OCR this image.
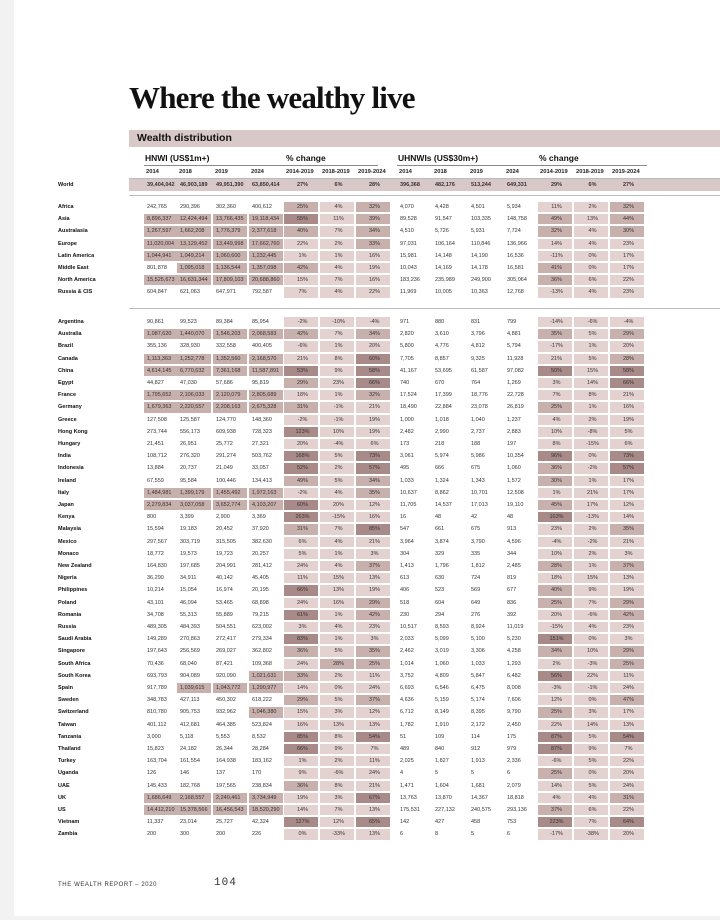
Where the wealthy live
Wealth distribution
HNWI (US$1m+)	% change	UHNWIs (US$30m+)	% change
2014	2018	2019	2024	2014-2019 2018-2019 2019-2024 2014	2018	2019	2024	2014-2019 2018-2019 2019-2024
World	39,404,042 46,903,189	49,951,390	63,850,414	27%	6%	28%	396,368	482,176	513,244	649,331	29%	6%	27%
Africa	242,765	290,396	302,360	400,612	25%	4%	32%	4,070	4,428	4,501	5,934	11%	2%	32%
Asia	8,896,337	12,424,494	13,766,435	19,118,434	55%	11%	39%	89,528	91,547	103,335	148,758	49%	13%	44%
Australasia	1,267,597	1,662,208	1,776,379	2,377,618	40%	7%	34%	4,510	5,726	5,931	7,724	32%	4%	30%
Europe	11,020,004	13,129,452	13,449,998	17,662,760	22%	2%	33%	97,031	106,164	110,846	136,966	14%	4%	23%
Latin America	1,044,941	1,049,214	1,060,600	1,232,445	1%	1%	16%	15,981	14,148	14,190	16,536	-11%	0%	17%
Middle East	801,878	1,095,018	1,136,544	1,357,098	42%	4%	19%	10,043	14,169	14,178	16,581	41%	0%	17%
North America	15,525,673 16,631,344	17,809,103	20,688,860	15%	7%	16%	183,236	235,989	249,900	305,064	36%	6%	22%
Russia & CIS	604,847	621,063	647,971	792,587	7%	4%	22%	11,969	10,005	10,363	12,768	-13%	4%	23%
Argentina	90,861	99,523	89,384	85,954	-2%	-10%	-4%	971	880	831	799	-14%	-6%	-4%
Australia	1,087,620	1,440,070	1,546,203	2,068,583	42%	7%	34%	2,820	3,610	3,796	4,881	35%	5%	29%
Brazil	355,136	328,930	332,558	400,405	-6%	1%	20%	5,800	4,776	4,812	5,794	-17%	1%	20%
Canada	1,113,363	1,252,778	1,352,560	2,168,570	21%	8%	60%	7,705	8,857	9,325	11,928	21%	5%	28%
China	4,614,145	6,770,632	7,361,168	11,587,891	53%	9%	58%	41,167	53,695	61,587	97,082	50%	15%	58%
Egypt	44,827	47,030	57,686	95,819	29%	23%	66%	740	670	764	1,269	3%	14%	66%
France	1,795,652	2,106,033	2,120,079	2,805,689	18%	1%	32%	17,524	17,399	18,776	22,728	7%	8%	21%
Germany	1,679,363	2,220,557	2,208,163	2,675,328	31%	-1%	21%	18,490	22,884	23,078	26,819	25%	1%	16%
Greece	127,508	125,587	124,770	148,360	-2%	-1%	19%	1,000	1,018	1,040	1,237	4%	2%	19%
Hong Kong	273,744	556,173	609,938	728,323	123%	10%	19%	2,482	2,990	2,737	2,883	10%	-8%	5%
Hungary	21,451	26,951	25,772	27,321	20%	-4%	6%	173	218	188	197	8%	-15%	6%
India	108,712	276,320	291,274	503,762	168%	5%	73%	3,061	5,974	5,986	10,354	96%	0%	73%
Indonesia	13,884	20,737	21,049	33,057	52%	2%	57%	495	666	675	1,060	36%	-2%	57%
Ireland	67,559	95,584	100,446	134,413	49%	5%	34%	1,033	1,324	1,343	1,572	30%	1%	17%
Italy	1,484,981	1,399,179	1,455,492	1,972,163	-2%	4%	35%	10,637	8,862	10,701	12,508	1%	21%	17%
Japan	2,279,834	3,037,058	3,652,774	4,103,207	60%	20%	12%	11,705	14,537	17,013	19,110	45%	17%	12%
Kenya	800	3,399	2,900	3,369	263%	-15%	16%	16	48	42	48	163%	-13%	14%
Malaysia	15,594	19,183	20,452	37,920	31%	7%	85%	547	661	675	913	23%	2%	35%
Mexico	297,567	303,719	315,505	382,630	6%	4%	21%	3,964	3,874	3,790	4,596	-4%	-2%	21%
Monaco	18,772	19,573	19,723	20,257	5%	1%	3%	304	329	335	344	10%	2%	3%
New Zealand	164,830	197,685	204,991	281,412	24%	4%	37%	1,413	1,796	1,812	2,485	28%	1%	37%
Nigeria	36,290	34,911	40,142	45,405	11%	15%	13%	613	630	724	819	18%	15%	13%
Philippines	10,214	15,054	16,974	20,195	66%	13%	19%	406	523	569	677	40%	9%	19%
Poland	43,101	46,094	53,465	68,898	24%	16%	29%	518	604	649	836	25%	7%	29%
Romania	34,708	55,313	55,889	79,215	61%	1%	42%	230	294	276	392	20%	-6%	42%
Russia	489,305	484,393	504,551	623,002	3%	4%	23%	10,517	8,593	8,924	11,019	-15%	4%	23%
Saudi Arabia	149,289	270,863	272,417	279,334	83%	1%	3%	2,033	5,099	5,100	5,230	151%	0%	3%
Singapore	197,643	256,569	269,027	362,802	36%	5%	35%	2,462	3,019	3,306	4,258	34%	10%	29%
South Africa	70,436	68,040	87,421	109,368	24%	28%	25%	1,014	1,060	1,033	1,293	2%	-3%	25%
South Korea	693,793	904,089	920,090	1,021,631	33%	2%	11%	3,752	4,809	5,847	6,482	56%	22%	11%
Spain	917,789	1,039,615	1,043,772	1,290,977	14%	0%	24%	6,693	6,546	6,475	8,008	-3%	-1%	24%
Sweden	348,783	427,113	450,302	618,222	29%	5%	37%	4,636	5,159	5,174	7,606	12%	0%	47%
Switzerland	810,780	905,753	932,962	1,046,380	15%	3%	12%	6,712	8,149	8,395	9,790	25%	3%	17%
Taiwan	401,112	412,681	464,385	523,824	16%	13%	13%	1,782	1,910	2,172	2,450	22%	14%	13%
Tanzania	3,000	5,118	5,553	8,532	85%	8%	54%	51	109	114	175	87%	5%	54%
Thailand	15,823	24,182	26,344	28,284	66%	9%	7%	489	840	912	979	87%	9%	7%
Turkey	163,704	161,554	164,938	183,162	1%	2%	11%	2,025	1,827	1,913	2,336	-6%	5%	22%
Uganda	126	146	137	170	9%	-6%	24%	4	5	5	6	25%	0%	20%
UAE	145,433	182,768	197,565	238,834	36%	8%	21%	1,471	1,604	1,681	2,079	14%	5%	24%
UK	1,686,649	2,168,557	2,240,461	3,734,949	19%	3%	67%	13,763	13,870	14,367	18,818	4%	4%	31%
US	14,412,210 15,378,566	16,456,543	18,520,290	14%	7%	13%	175,531	227,132	240,575	293,136	37%	6%	22%
Vietnam	11,337	23,014	25,727	42,324	127%	12%	65%	142	427	458	753	223%	7%	64%
Zambia	200	300	200	226	0%	-33%	13%	6	8	5	6	-17%	-38%	20%
THE WEALTH REPORT – 2020	104
